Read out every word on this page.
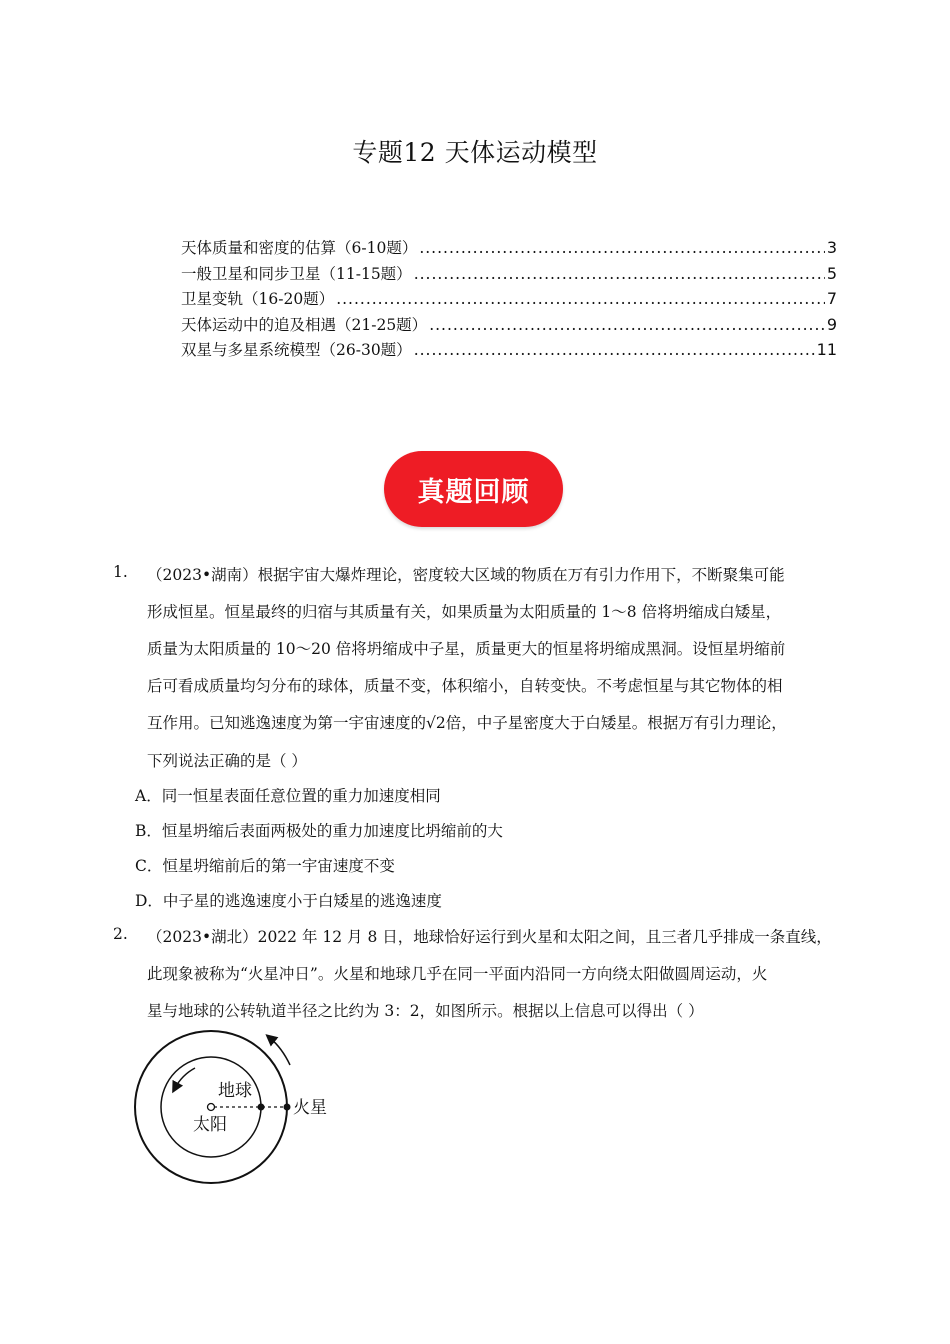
专题12 天体运动模型
天体质量和密度的估算（6-10题） .....	3
一般卫星和同步卫星（11-15题） .....	5
卫星变轨（16-20题） .....	7
天体运动中的追及相遇（21-25题） .....	9
双星与多星系统模型（26-30题） .....	11
真题回顾
1. （2023•湖南）根据宇宙大爆炸理论，密度较大区域的物质在万有引力作用下，不断聚集可能
形成恒星。恒星最终的归宿与其质量有关，如果质量为太阳质量的 1～8 倍将坍缩成白矮星，
质量为太阳质量的 10～20 倍将坍缩成中子星，质量更大的恒星将坍缩成黑洞。设恒星坍缩前
后可看成质量均匀分布的球体，质量不变，体积缩小，自转变快。不考虑恒星与其它物体的相
互作用。已知逃逸速度为第一宇宙速度的√2倍，中子星密度大于白矮星。根据万有引力理论，
下列说法正确的是（ ）
A．同一恒星表面任意位置的重力加速度相同
B．恒星坍缩后表面两极处的重力加速度比坍缩前的大
C．恒星坍缩前后的第一宇宙速度不变
D．中子星的逃逸速度小于白矮星的逃逸速度
2. （2023•湖北）2022 年 12 月 8 日，地球恰好运行到火星和太阳之间，且三者几乎排成一条直线，
此现象被称为“火星冲日”。火星和地球几乎在同一平面内沿同一方向绕太阳做圆周运动，火
星与地球的公转轨道半径之比约为 3：2，如图所示。根据以上信息可以得出（ ）
地球
太阳
火星
